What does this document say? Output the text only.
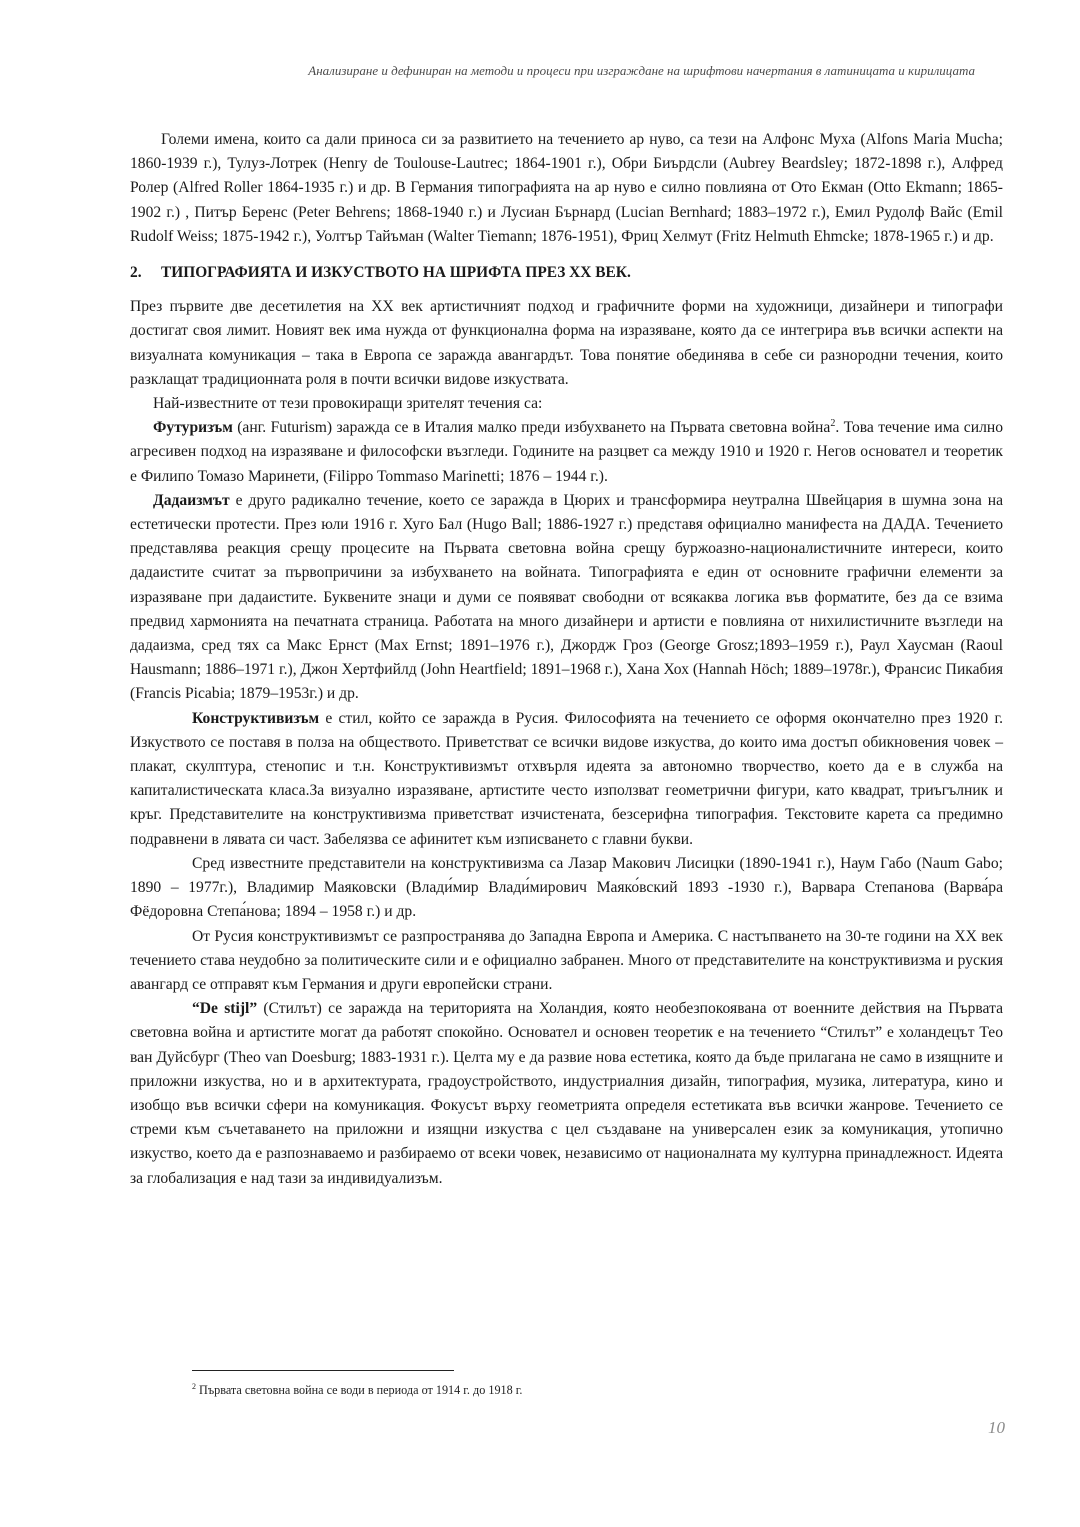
Анализиране и дефиниран на методи и процеси при изграждане на шрифтови начертания в латиницата и кирилицата

Големи имена, които са дали приноса си за развитието на течението ар нуво, са тези на Алфонс Муха (Alfons Maria Mucha; 1860-1939 г.), Тулуз-Лотрек (Henry de Toulouse-Lautrec; 1864-1901 г.), Обри Биърдсли (Aubrey Beardsley; 1872-1898 г.), Алфред Ролер (Alfred Roller 1864-1935 г.) и др. В Германия типографията на ар нуво е силно повлияна от Ото Екман (Otto Ekmann; 1865-1902 г.) , Питър Беренс (Peter Behrens; 1868-1940 г.) и Лусиан Бърнард (Lucian Bernhard; 1883–1972 г.), Емил Рудолф Вайс (Emil Rudolf Weiss; 1875-1942 г.), Уолтър Тайъман (Walter Tiemann; 1876-1951), Фриц Хелмут (Fritz Helmuth Ehmcke; 1878-1965 г.) и др.

2.	ТИПОГРАФИЯТА И ИЗКУСТВОТО НА ШРИФТА ПРЕЗ ХХ ВЕК.

През първите две десетилетия на ХХ век артистичният подход и графичните форми на художници, дизайнери и типографи достигат своя лимит. Новият век има нужда от функционална форма на изразяване, която да се интегрира във всички аспекти на визуалната комуникация – така в Европа се заражда авангардът. Това понятие обединява в себе си разнородни течения, които разклащат традиционната роля в почти всички видове изкуствата.

Най-известните от тези провокиращи зрителят течения са:

Футуризъм (анг. Futurism) заражда се в Италия малко преди избухването на Първата световна война$^2$. Това течение има силно агресивен подход на изразяване и философски възгледи. Годините на разцвет са между 1910 и 1920 г. Негов основател и теоретик е Филипо Томазо Маринети, (Filippo Tommaso Marinetti; 1876 – 1944 г.).

Дадаизмът е друго радикално течение, което се заражда в Цюрих и трансформира неутрална Швейцария в шумна зона на естетически протести. През юли 1916 г. Хуго Бал (Hugo Ball; 1886-1927 г.) представя официално манифеста на ДАДА. Течението представлява реакция срещу процесите на Първата световна война срещу буржоазно-националистичните интереси, които дадаистите считат за първопричини за избухването на войната. Типографията е един от основните графични елементи за изразяване при дадаистите. Буквените знаци и думи се появяват свободни от всякаква логика във форматите, без да се взима предвид хармонията на печатната страница. Работата на много дизайнери и артисти е повлияна от нихилистичните възгледи на дадаизма, сред тях са Макс Ернст (Max Ernst; 1891–1976 г.), Джордж Гроз (George Grosz;1893–1959 г.), Раул Хаусман (Raoul Hausmann; 1886–1971 г.), Джон Хертфийлд (John Heartfield; 1891–1968 г.), Хана Хох (Hannah Höch; 1889–1978г.), Франсис Пикабия (Francis Picabia; 1879–1953г.) и др.

Конструктивизъм е стил, който се заражда в Русия. Философията на течението се оформя окончателно през 1920 г. Изкуството се поставя в полза на обществото. Приветстват се всички видове изкуства, до които има достъп обикновения човек – плакат, скулптура, стенопис и т.н. Конструктивизмът отхвърля идеята за автономно творчество, което да е в служба на капиталистическата класа.За визуално изразяване, артистите често използват геометрични фигури, като квадрат, триъгълник и кръг. Представителите на конструктивизма приветстват изчистената, безсерифна типография. Текстовите карета са предимно подравнени в лявата си част. Забелязва се афинитет към изписването с главни букви.

Сред известните представители на конструктивизма са Лазар Макович Лисицки (1890-1941 г.), Наум Габо (Naum Gabo; 1890 – 1977г.), Владимир Маяковски (Влади́мир Влади́мирович Маяко́вский 1893 -1930 г.), Варвара Степанова (Варва́ра Фёдоровна Степа́нова; 1894 – 1958 г.) и др.

От Русия конструктивизмът се разпространява до Западна Европа и Америка. С настъпването на 30-те години на ХХ век течението става неудобно за политическите сили и е официално забранен. Много от представителите на конструктивизма и руския авангард се отправят към Германия и други европейски страни.

“De stijl” (Стилът) се заражда на територията на Холандия, която необезпокоявана от военните действия на Първата световна война и артистите могат да работят спокойно. Основател и основен теоретик е на течението “Стилът” е холандецът Тео ван Дуйсбург (Theo van Doesburg; 1883-1931 г.). Целта му е да развие нова естетика, която да бъде прилагана не само в изящните и приложни изкуства, но и в архитектурата, градоустройството, индустриалния дизайн, типография, музика, литература, кино и изобщо във всички сфери на комуникация. Фокусът върху геометрията определя естетиката във всички жанрове. Течението се стреми към съчетаването на приложни и изящни изкуства с цел създаване на универсален език за комуникация, утопично изкуство, което да е разпознаваемо и разбираемо от всеки човек, независимо от националната му културна принадлежност. Идеята за глобализация е над тази за индивидуализъм.

$^2$ Първата световна война се води в периода от 1914 г. до 1918 г.
10
